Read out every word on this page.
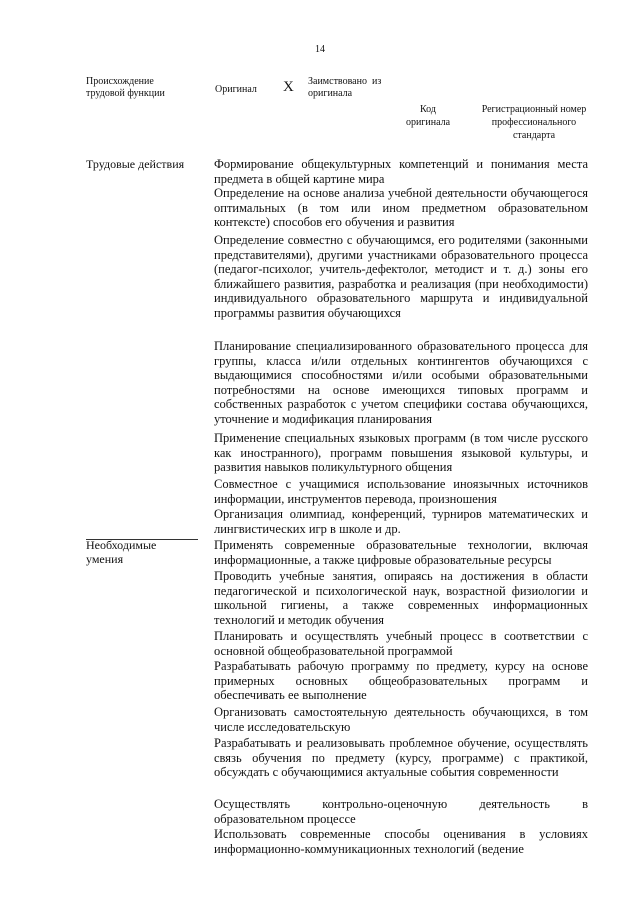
14
Происхождение
трудовой функции	Оригинал X Заимствовано  из
оригинала
Код
оригинала
Регистрационный номер
профессионального
стандарта
Трудовые действия Формирование общекультурных компетенций и понимания места предмета в общей картине мира
Определение на основе анализа учебной деятельности обучающегося оптимальных (в том или ином предметном образовательном контексте) способов его обучения и развития
Определение совместно с обучающимся, его родителями (законными представителями), другими участниками образовательного процесса (педагог-психолог, учитель-дефектолог, методист и т. д.) зоны его ближайшего развития, разработка и реализация (при необходимости) индивидуального образовательного маршрута и индивидуальной программы развития обучающихся
Планирование специализированного образовательного процесса для группы, класса и/или отдельных контингентов обучающихся с выдающимися способностями и/или особыми образовательными потребностями на основе имеющихся типовых программ и собственных разработок с учетом специфики состава обучающихся, уточнение и модификация планирования
Применение специальных языковых программ (в том числе русского как иностранного), программ повышения языковой культуры, и развития навыков поликультурного общения
Совместное с учащимися использование иноязычных источников информации, инструментов перевода, произношения
Организация олимпиад, конференций, турниров математических и лингвистических игр в школе и др.
Необходимые
умения
Применять современные образовательные технологии, включая информационные, а также цифровые образовательные ресурсы
Проводить учебные занятия, опираясь на достижения в области педагогической и психологической наук, возрастной физиологии и школьной гигиены, а также современных информационных технологий и методик обучения
Планировать и осуществлять учебный процесс в соответствии с основной общеобразовательной программой
Разрабатывать рабочую программу по предмету, курсу на основе примерных основных общеобразовательных программ и обеспечивать ее выполнение
Организовать самостоятельную деятельность обучающихся, в том числе исследовательскую
Разрабатывать и реализовывать проблемное обучение, осуществлять связь обучения по предмету (курсу, программе) с практикой, обсуждать с обучающимися актуальные события современности
Осуществлять контрольно-оценочную деятельность в образовательном процессе
Использовать современные способы оценивания в условиях информационно-коммуникационных технологий (ведение
